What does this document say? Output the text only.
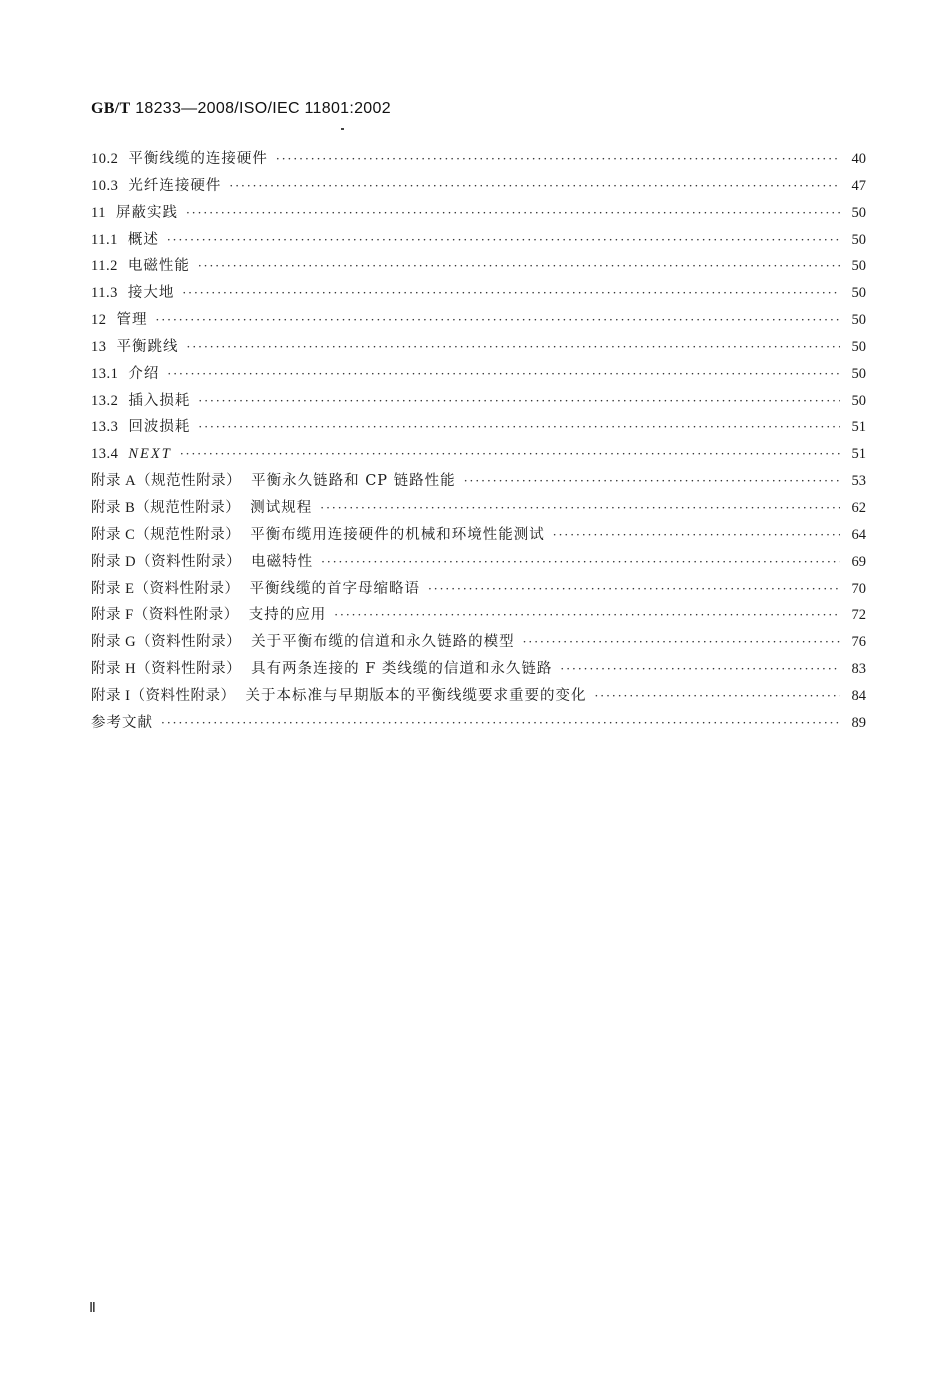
GB/T 18233—2008/ISO/IEC 11801:2002
10.2 平衡线缆的连接硬件 ·····	40
10.3 光纤连接硬件 ·····	47
11 屏蔽实践 ·····	50
11.1 概述 ·····	50
11.2 电磁性能 ·····	50
11.3 接大地 ·····	50
12 管理 ·····	50
13 平衡跳线 ·····	50
13.1 介绍 ·····	50
13.2 插入损耗 ·····	50
13.3 回波损耗 ·····	51
13.4 NEXT ·····	51
附录 A（规范性附录） 平衡永久链路和 CP 链路性能 ·····	53
附录 B（规范性附录） 测试规程 ·····	62
附录 C（规范性附录） 平衡布缆用连接硬件的机械和环境性能测试 ·····	64
附录 D（资料性附录） 电磁特性 ·····	69
附录 E（资料性附录） 平衡线缆的首字母缩略语 ·····	70
附录 F（资料性附录） 支持的应用 ·····	72
附录 G（资料性附录） 关于平衡布缆的信道和永久链路的模型 ·····	76
附录 H（资料性附录） 具有两条连接的 F 类线缆的信道和永久链路 ·····	83
附录 I（资料性附录） 关于本标准与早期版本的平衡线缆要求重要的变化 ·····	84
参考文献 ·····	89
Ⅱ
